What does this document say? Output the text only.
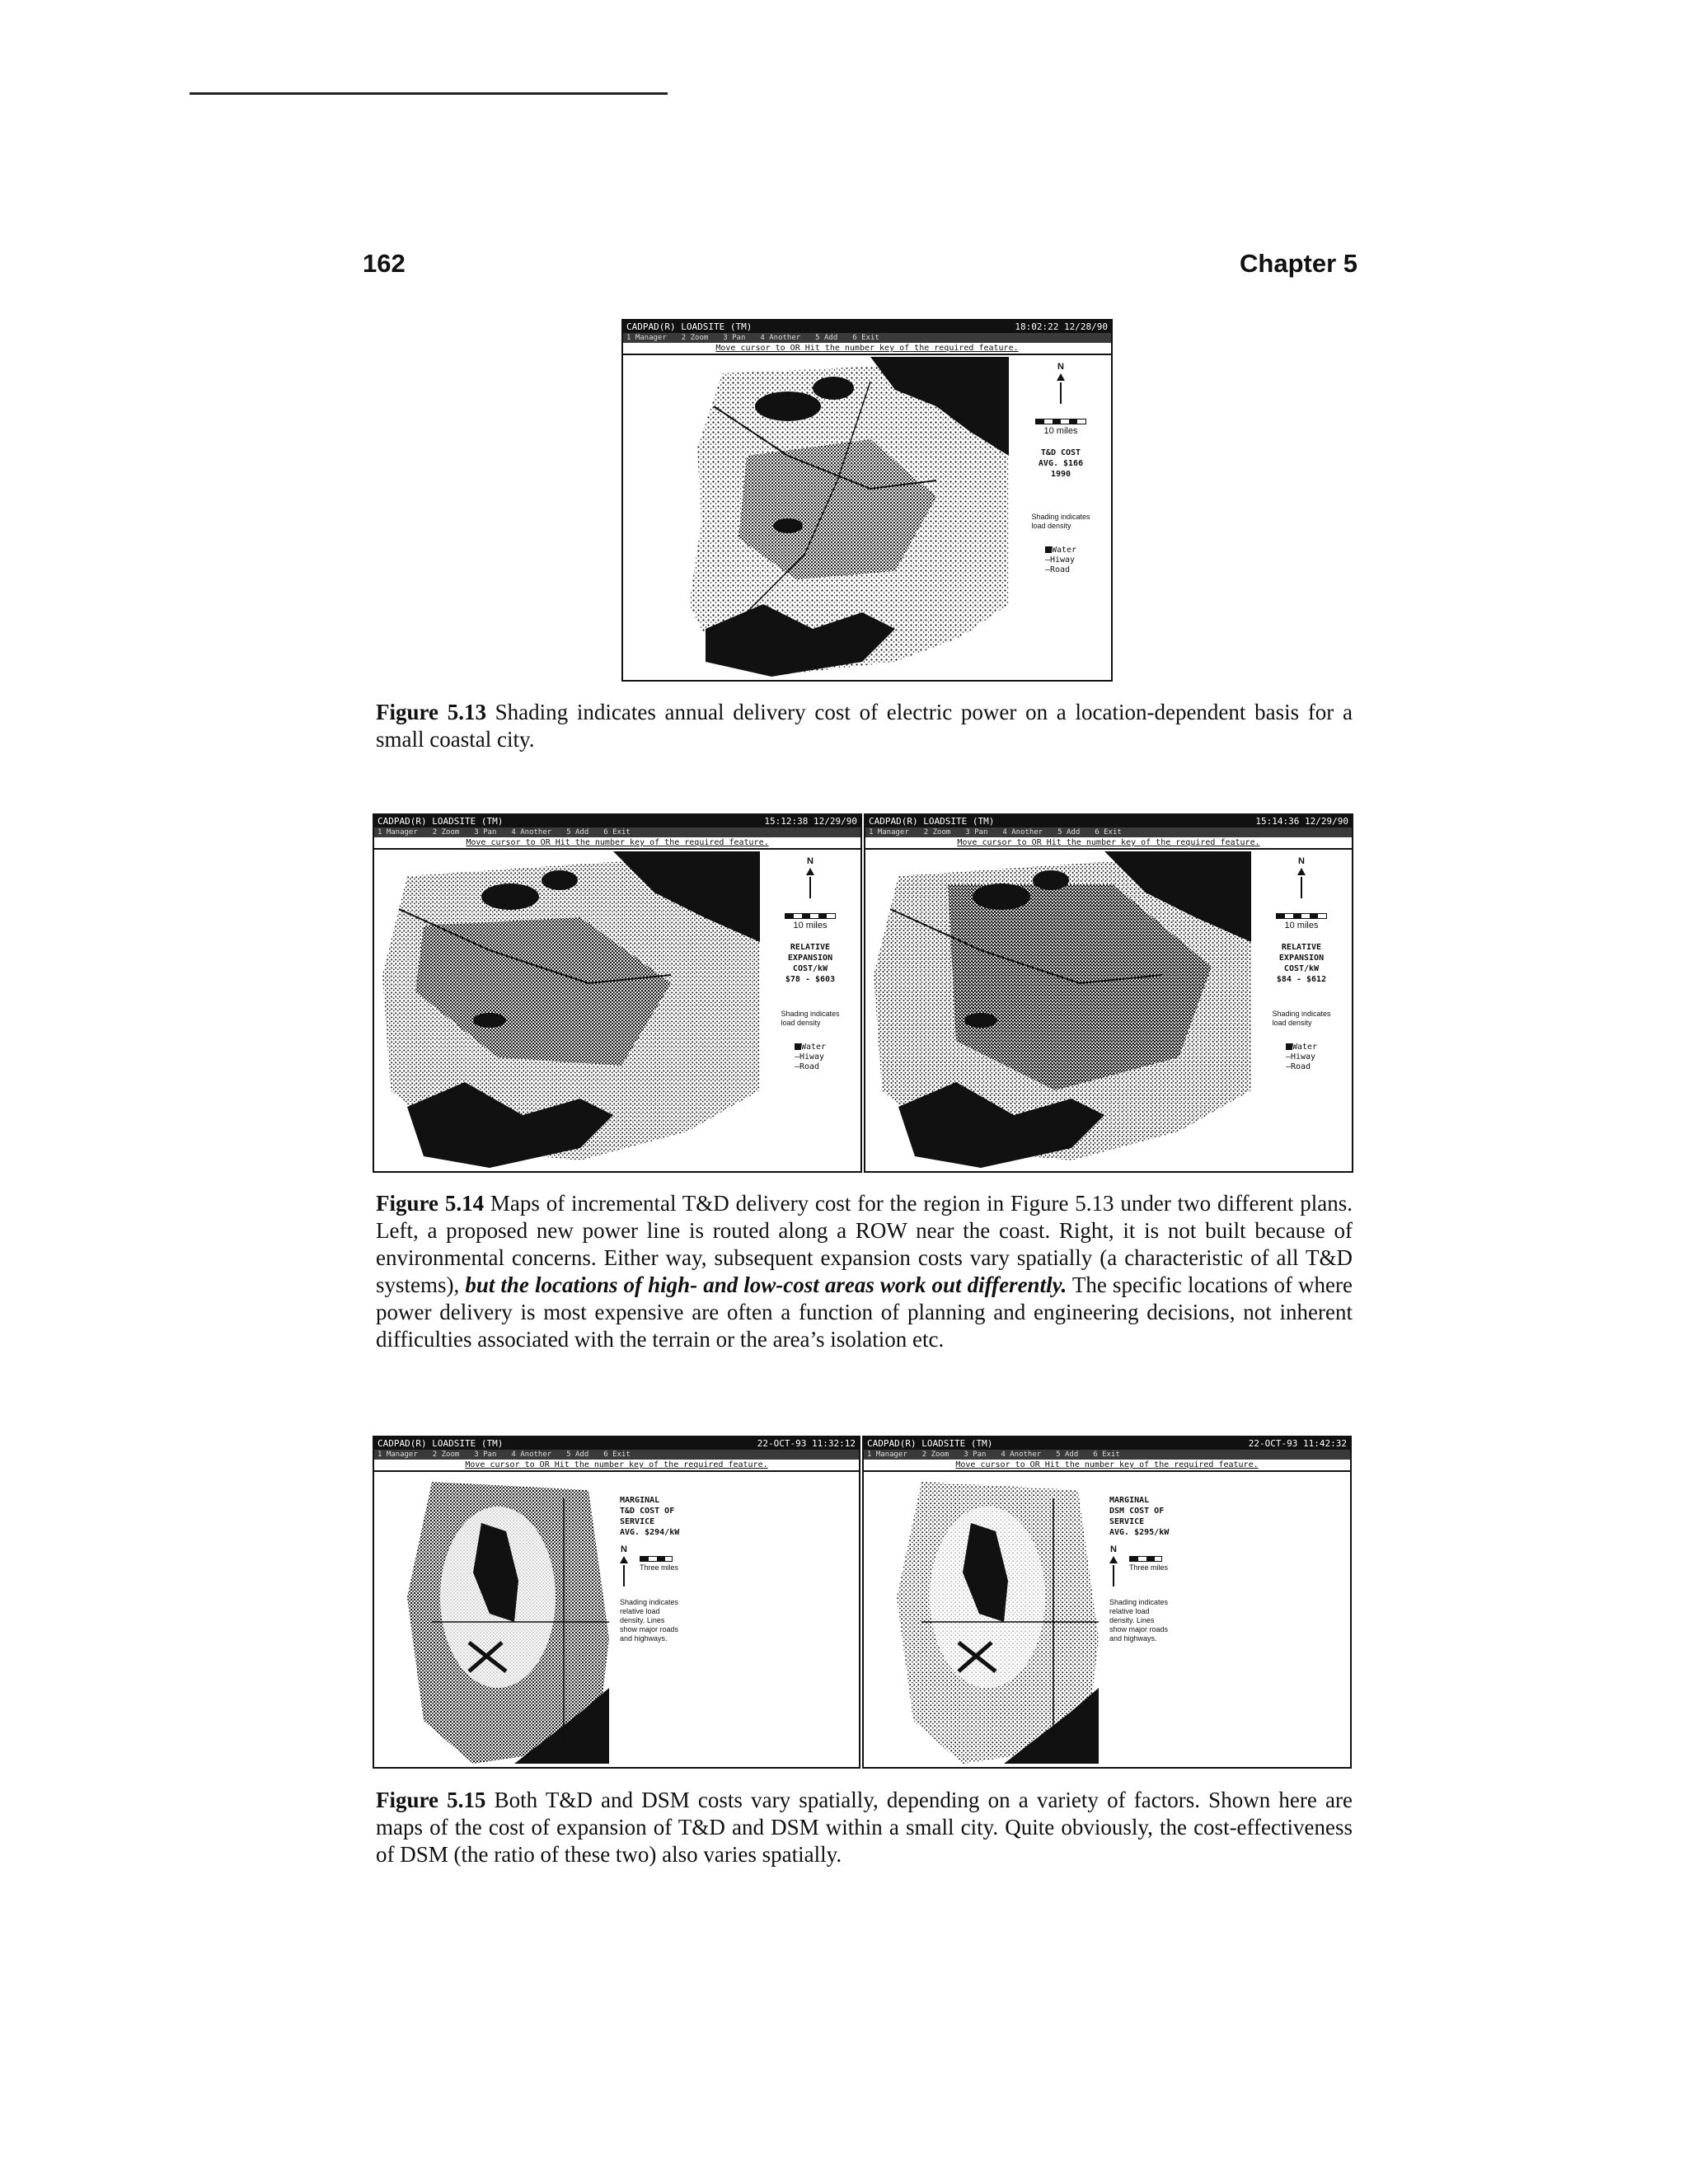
162	Chapter 5
CADPAD(R) LOADSITE (TM)	18:02:22 12/28/90
1 Manager 2 Zoom 3 Pan 4 Another 5 Add 6 Exit
Move cursor to OR Hit the number key of the required feature.
N
10 miles
T&D COST
AVG. $166
1990
Shading indicates
load density
Water
—Hiway
—Road
Figure 5.13 Shading indicates annual delivery cost of electric power on a location-dependent basis for a small coastal city.
CADPAD(R) LOADSITE (TM)	15:12:38 12/29/90
1 Manager 2 Zoom 3 Pan 4 Another 5 Add 6 Exit
Move cursor to OR Hit the number key of the required feature.
N
10 miles
RELATIVE
EXPANSION
COST/kW
$78 - $603
Shading indicates
load density
Water
—Hiway
—Road
CADPAD(R) LOADSITE (TM)	15:14:36 12/29/90
1 Manager 2 Zoom 3 Pan 4 Another 5 Add 6 Exit
Move cursor to OR Hit the number key of the required feature.
N
10 miles
RELATIVE
EXPANSION
COST/kW
$84 - $612
Shading indicates
load density
Water
—Hiway
—Road
Figure 5.14 Maps of incremental T&D delivery cost for the region in Figure 5.13 under two different plans. Left, a proposed new power line is routed along a ROW near the coast. Right, it is not built because of environmental concerns. Either way, subsequent expansion costs vary spatially (a characteristic of all T&D systems), but the locations of high- and low-cost areas work out differently. The specific locations of where power delivery is most expensive are often a function of planning and engineering decisions, not inherent difficulties associated with the terrain or the area’s isolation etc.
CADPAD(R) LOADSITE (TM)	22-OCT-93 11:32:12
1 Manager 2 Zoom 3 Pan 4 Another 5 Add 6 Exit
Move cursor to OR Hit the number key of the required feature.
MARGINAL
T&D COST OF
SERVICE
AVG. $294/kW
N
Three miles
Shading indicates
relative load
density. Lines
show major roads
and highways.
CADPAD(R) LOADSITE (TM)	22-OCT-93 11:42:32
1 Manager 2 Zoom 3 Pan 4 Another 5 Add 6 Exit
Move cursor to OR Hit the number key of the required feature.
MARGINAL
DSM COST OF
SERVICE
AVG. $295/kW
N
Three miles
Shading indicates
relative load
density. Lines
show major roads
and highways.
Figure 5.15 Both T&D and DSM costs vary spatially, depending on a variety of factors. Shown here are maps of the cost of expansion of T&D and DSM within a small city. Quite obviously, the cost-effectiveness of DSM (the ratio of these two) also varies spatially.
